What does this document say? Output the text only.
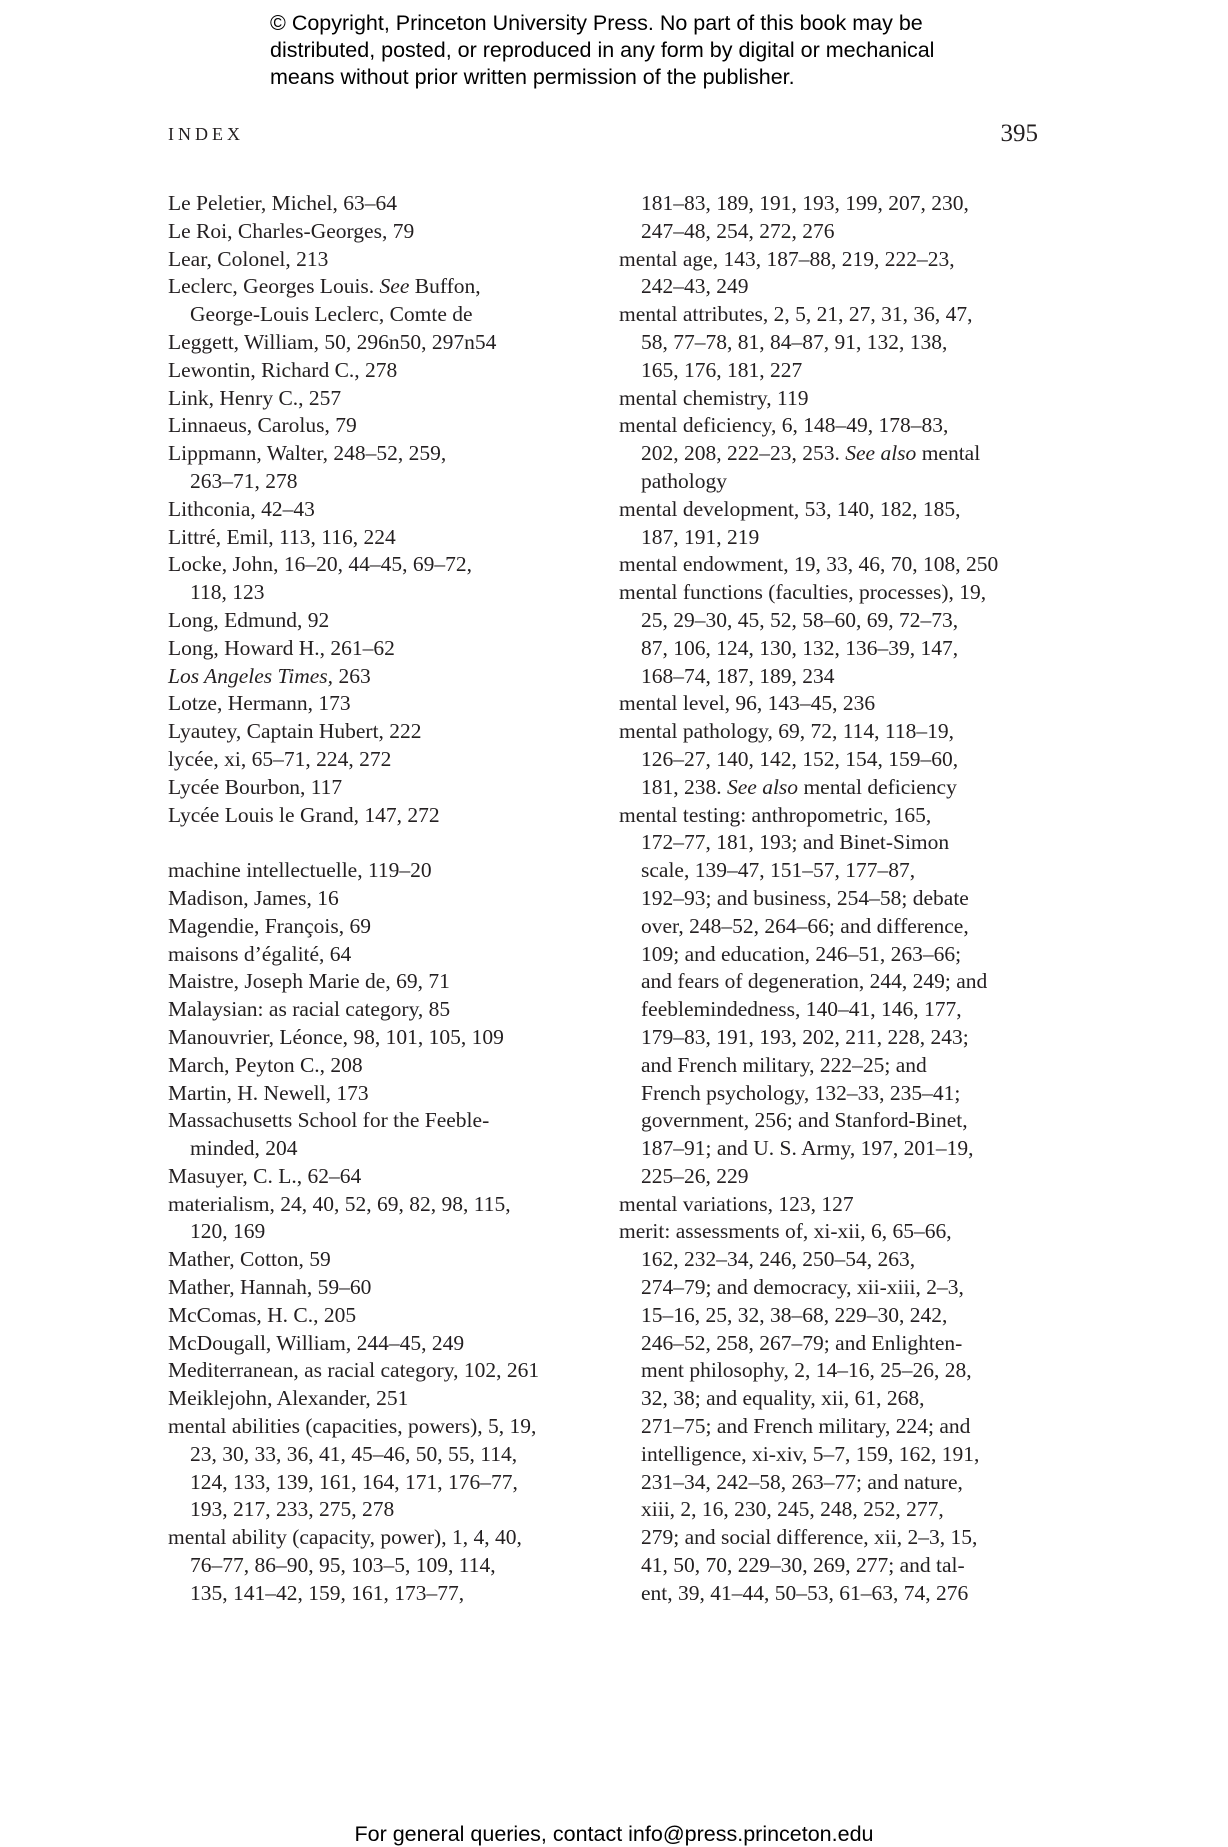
© Copyright, Princeton University Press. No part of this book may be
distributed, posted, or reproduced in any form by digital or mechanical
means without prior written permission of the publisher.
INDEX	395
Le Peletier, Michel, 63–64
Le Roi, Charles-Georges, 79
Lear, Colonel, 213
Leclerc, Georges Louis. See Buffon,
George-Louis Leclerc, Comte de
Leggett, William, 50, 296n50, 297n54
Lewontin, Richard C., 278
Link, Henry C., 257
Linnaeus, Carolus, 79
Lippmann, Walter, 248–52, 259,
263–71, 278
Lithconia, 42–43
Littré, Emil, 113, 116, 224
Locke, John, 16–20, 44–45, 69–72,
118, 123
Long, Edmund, 92
Long, Howard H., 261–62
Los Angeles Times, 263
Lotze, Hermann, 173
Lyautey, Captain Hubert, 222
lycée, xi, 65–71, 224, 272
Lycée Bourbon, 117
Lycée Louis le Grand, 147, 272
machine intellectuelle, 119–20
Madison, James, 16
Magendie, François, 69
maisons d’égalité, 64
Maistre, Joseph Marie de, 69, 71
Malaysian: as racial category, 85
Manouvrier, Léonce, 98, 101, 105, 109
March, Peyton C., 208
Martin, H. Newell, 173
Massachusetts School for the Feeble-
minded, 204
Masuyer, C. L., 62–64
materialism, 24, 40, 52, 69, 82, 98, 115,
120, 169
Mather, Cotton, 59
Mather, Hannah, 59–60
McComas, H. C., 205
McDougall, William, 244–45, 249
Mediterranean, as racial category, 102, 261
Meiklejohn, Alexander, 251
mental abilities (capacities, powers), 5, 19,
23, 30, 33, 36, 41, 45–46, 50, 55, 114,
124, 133, 139, 161, 164, 171, 176–77,
193, 217, 233, 275, 278
mental ability (capacity, power), 1, 4, 40,
76–77, 86–90, 95, 103–5, 109, 114,
135, 141–42, 159, 161, 173–77,
181–83, 189, 191, 193, 199, 207, 230,
247–48, 254, 272, 276
mental age, 143, 187–88, 219, 222–23,
242–43, 249
mental attributes, 2, 5, 21, 27, 31, 36, 47,
58, 77–78, 81, 84–87, 91, 132, 138,
165, 176, 181, 227
mental chemistry, 119
mental deficiency, 6, 148–49, 178–83,
202, 208, 222–23, 253. See also mental
pathology
mental development, 53, 140, 182, 185,
187, 191, 219
mental endowment, 19, 33, 46, 70, 108, 250
mental functions (faculties, processes), 19,
25, 29–30, 45, 52, 58–60, 69, 72–73,
87, 106, 124, 130, 132, 136–39, 147,
168–74, 187, 189, 234
mental level, 96, 143–45, 236
mental pathology, 69, 72, 114, 118–19,
126–27, 140, 142, 152, 154, 159–60,
181, 238. See also mental deficiency
mental testing: anthropometric, 165,
172–77, 181, 193; and Binet-Simon
scale, 139–47, 151–57, 177–87,
192–93; and business, 254–58; debate
over, 248–52, 264–66; and difference,
109; and education, 246–51, 263–66;
and fears of degeneration, 244, 249; and
feeblemindedness, 140–41, 146, 177,
179–83, 191, 193, 202, 211, 228, 243;
and French military, 222–25; and
French psychology, 132–33, 235–41;
government, 256; and Stanford-Binet,
187–91; and U. S. Army, 197, 201–19,
225–26, 229
mental variations, 123, 127
merit: assessments of, xi-xii, 6, 65–66,
162, 232–34, 246, 250–54, 263,
274–79; and democracy, xii-xiii, 2–3,
15–16, 25, 32, 38–68, 229–30, 242,
246–52, 258, 267–79; and Enlighten-
ment philosophy, 2, 14–16, 25–26, 28,
32, 38; and equality, xii, 61, 268,
271–75; and French military, 224; and
intelligence, xi-xiv, 5–7, 159, 162, 191,
231–34, 242–58, 263–77; and nature,
xiii, 2, 16, 230, 245, 248, 252, 277,
279; and social difference, xii, 2–3, 15,
41, 50, 70, 229–30, 269, 277; and tal-
ent, 39, 41–44, 50–53, 61–63, 74, 276
For general queries, contact info@press.princeton.edu
